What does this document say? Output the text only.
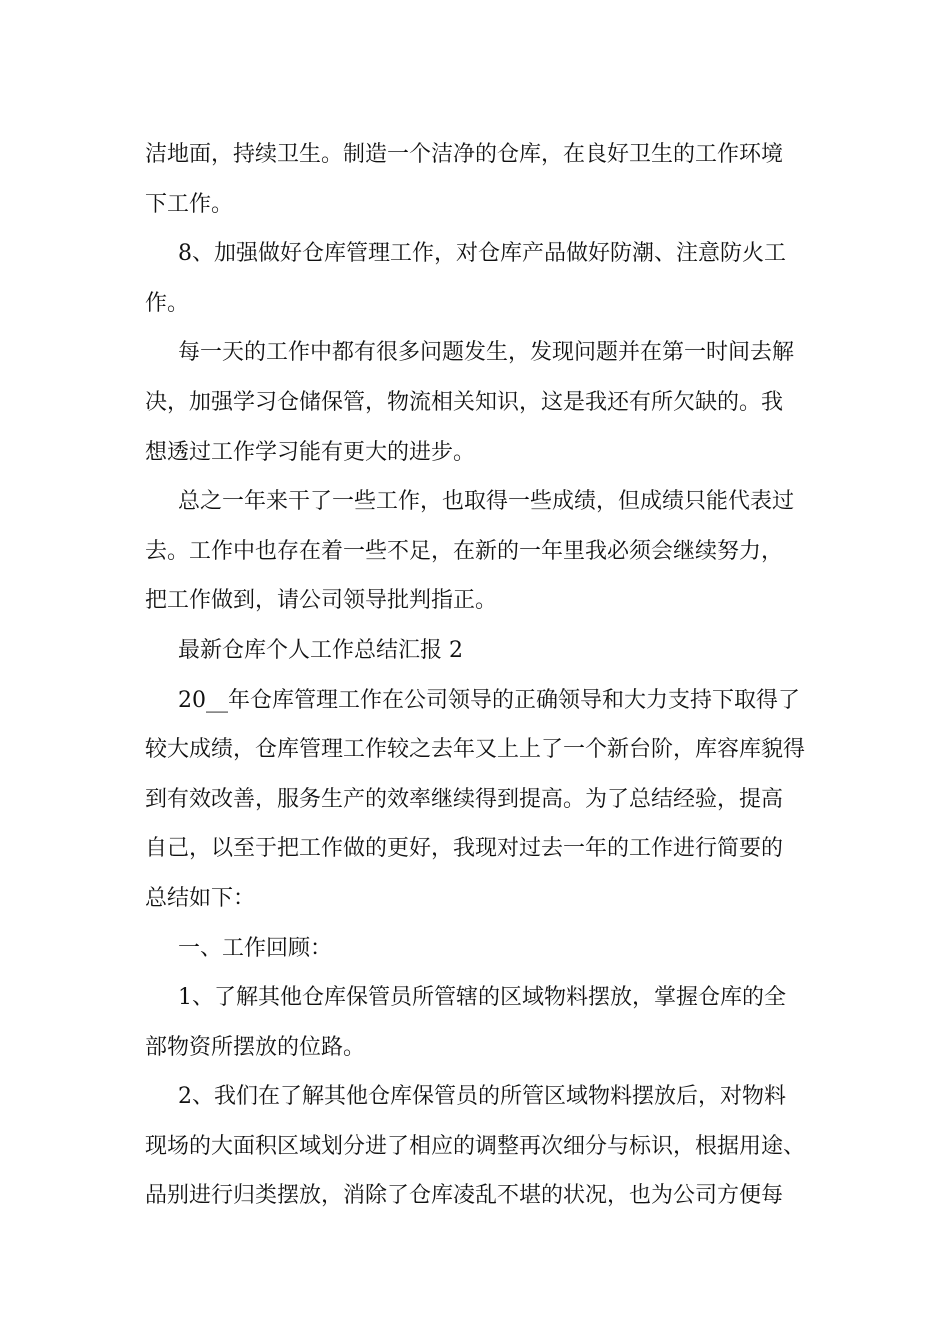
洁地面，持续卫生。制造一个洁净的仓库，在良好卫生的工作环境
下工作。
8、加强做好仓库管理工作，对仓库产品做好防潮、注意防火工
作。
每一天的工作中都有很多问题发生，发现问题并在第一时间去解
决，加强学习仓储保管，物流相关知识，这是我还有所欠缺的。我
想透过工作学习能有更大的进步。
总之一年来干了一些工作，也取得一些成绩，但成绩只能代表过
去。工作中也存在着一些不足，在新的一年里我必须会继续努力，
把工作做到，请公司领导批判指正。
最新仓库个人工作总结汇报 2
20__年仓库管理工作在公司领导的正确领导和大力支持下取得了
较大成绩，仓库管理工作较之去年又上上了一个新台阶，库容库貌得
到有效改善，服务生产的效率继续得到提高。为了总结经验，提高
自己，以至于把工作做的更好，我现对过去一年的工作进行简要的
总结如下：
一、工作回顾：
1、了解其他仓库保管员所管辖的区域物料摆放，掌握仓库的全
部物资所摆放的位路。
2、我们在了解其他仓库保管员的所管区域物料摆放后，对物料
现场的大面积区域划分进了相应的调整再次细分与标识，根据用途、
品别进行归类摆放，消除了仓库凌乱不堪的状况，也为公司方便每
